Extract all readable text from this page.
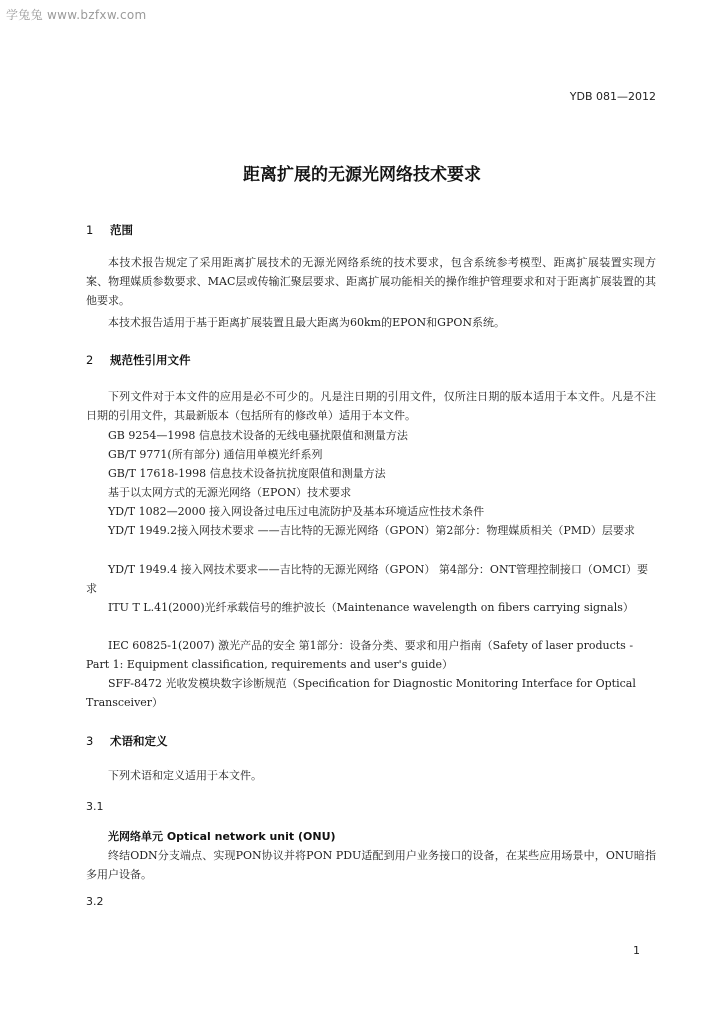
学兔兔 www.bzfxw.com
YDB 081—2012
距离扩展的无源光网络技术要求
1 范围
本技术报告规定了采用距离扩展技术的无源光网络系统的技术要求，包含系统参考模型、距离扩展装置实现方案、物理媒质参数要求、MAC层或传输汇聚层要求、距离扩展功能相关的操作维护管理要求和对于距离扩展装置的其他要求。
本技术报告适用于基于距离扩展装置且最大距离为60km的EPON和GPON系统。
2 规范性引用文件
下列文件对于本文件的应用是必不可少的。凡是注日期的引用文件，仅所注日期的版本适用于本文件。凡是不注日期的引用文件，其最新版本（包括所有的修改单）适用于本文件。
GB 9254—1998 信息技术设备的无线电骚扰限值和测量方法
GB/T 9771(所有部分) 通信用单模光纤系列
GB/T 17618-1998 信息技术设备抗扰度限值和测量方法
基于以太网方式的无源光网络（EPON）技术要求
YD/T 1082—2000 接入网设备过电压过电流防护及基本环境适应性技术条件
YD/T 1949.2接入网技术要求 ——吉比特的无源光网络（GPON）第2部分：物理媒质相关（PMD）层要求
YD/T 1949.4 接入网技术要求——吉比特的无源光网络（GPON） 第4部分：ONT管理控制接口（OMCI）要求
ITU T L.41(2000)光纤承载信号的维护波长（Maintenance wavelength on fibers carrying signals）
IEC 60825-1(2007) 激光产品的安全 第1部分：设备分类、要求和用户指南（Safety of laser products - Part 1: Equipment classification, requirements and user's guide）
SFF-8472 光收发模块数字诊断规范（Specification for Diagnostic Monitoring Interface for Optical Transceiver）
3 术语和定义
下列术语和定义适用于本文件。
3.1
光网络单元 Optical network unit (ONU)
终结ODN分支端点、实现PON协议并将PON PDU适配到用户业务接口的设备，在某些应用场景中，ONU暗指多用户设备。
3.2
1
